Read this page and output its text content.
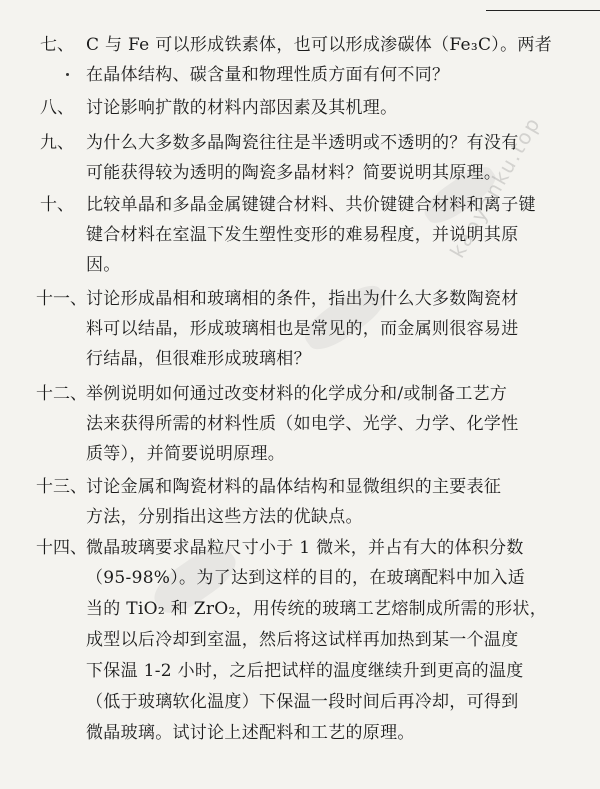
kaoyanku.top
七、 C 与 Fe 可以形成铁素体，也可以形成渗碳体（Fe₃C）。两者
在晶体结构、碳含量和物理性质方面有何不同？
八、 讨论影响扩散的材料内部因素及其机理。
九、 为什么大多数多晶陶瓷往往是半透明或不透明的？有没有
可能获得较为透明的陶瓷多晶材料？简要说明其原理。
十、 比较单晶和多晶金属键键合材料、共价键键合材料和离子键
键合材料在室温下发生塑性变形的难易程度，并说明其原
因。
十一、 讨论形成晶相和玻璃相的条件，指出为什么大多数陶瓷材
料可以结晶，形成玻璃相也是常见的，而金属则很容易进
行结晶，但很难形成玻璃相？
十二、 举例说明如何通过改变材料的化学成分和/或制备工艺方
法来获得所需的材料性质（如电学、光学、力学、化学性
质等），并简要说明原理。
十三、 讨论金属和陶瓷材料的晶体结构和显微组织的主要表征
方法，分别指出这些方法的优缺点。
十四、 微晶玻璃要求晶粒尺寸小于 1 微米，并占有大的体积分数
（95-98%）。为了达到这样的目的，在玻璃配料中加入适
当的 TiO₂ 和 ZrO₂，用传统的玻璃工艺熔制成所需的形状，
成型以后冷却到室温，然后将这试样再加热到某一个温度
下保温 1-2 小时，之后把试样的温度继续升到更高的温度
（低于玻璃软化温度）下保温一段时间后再冷却，可得到
微晶玻璃。试讨论上述配料和工艺的原理。
